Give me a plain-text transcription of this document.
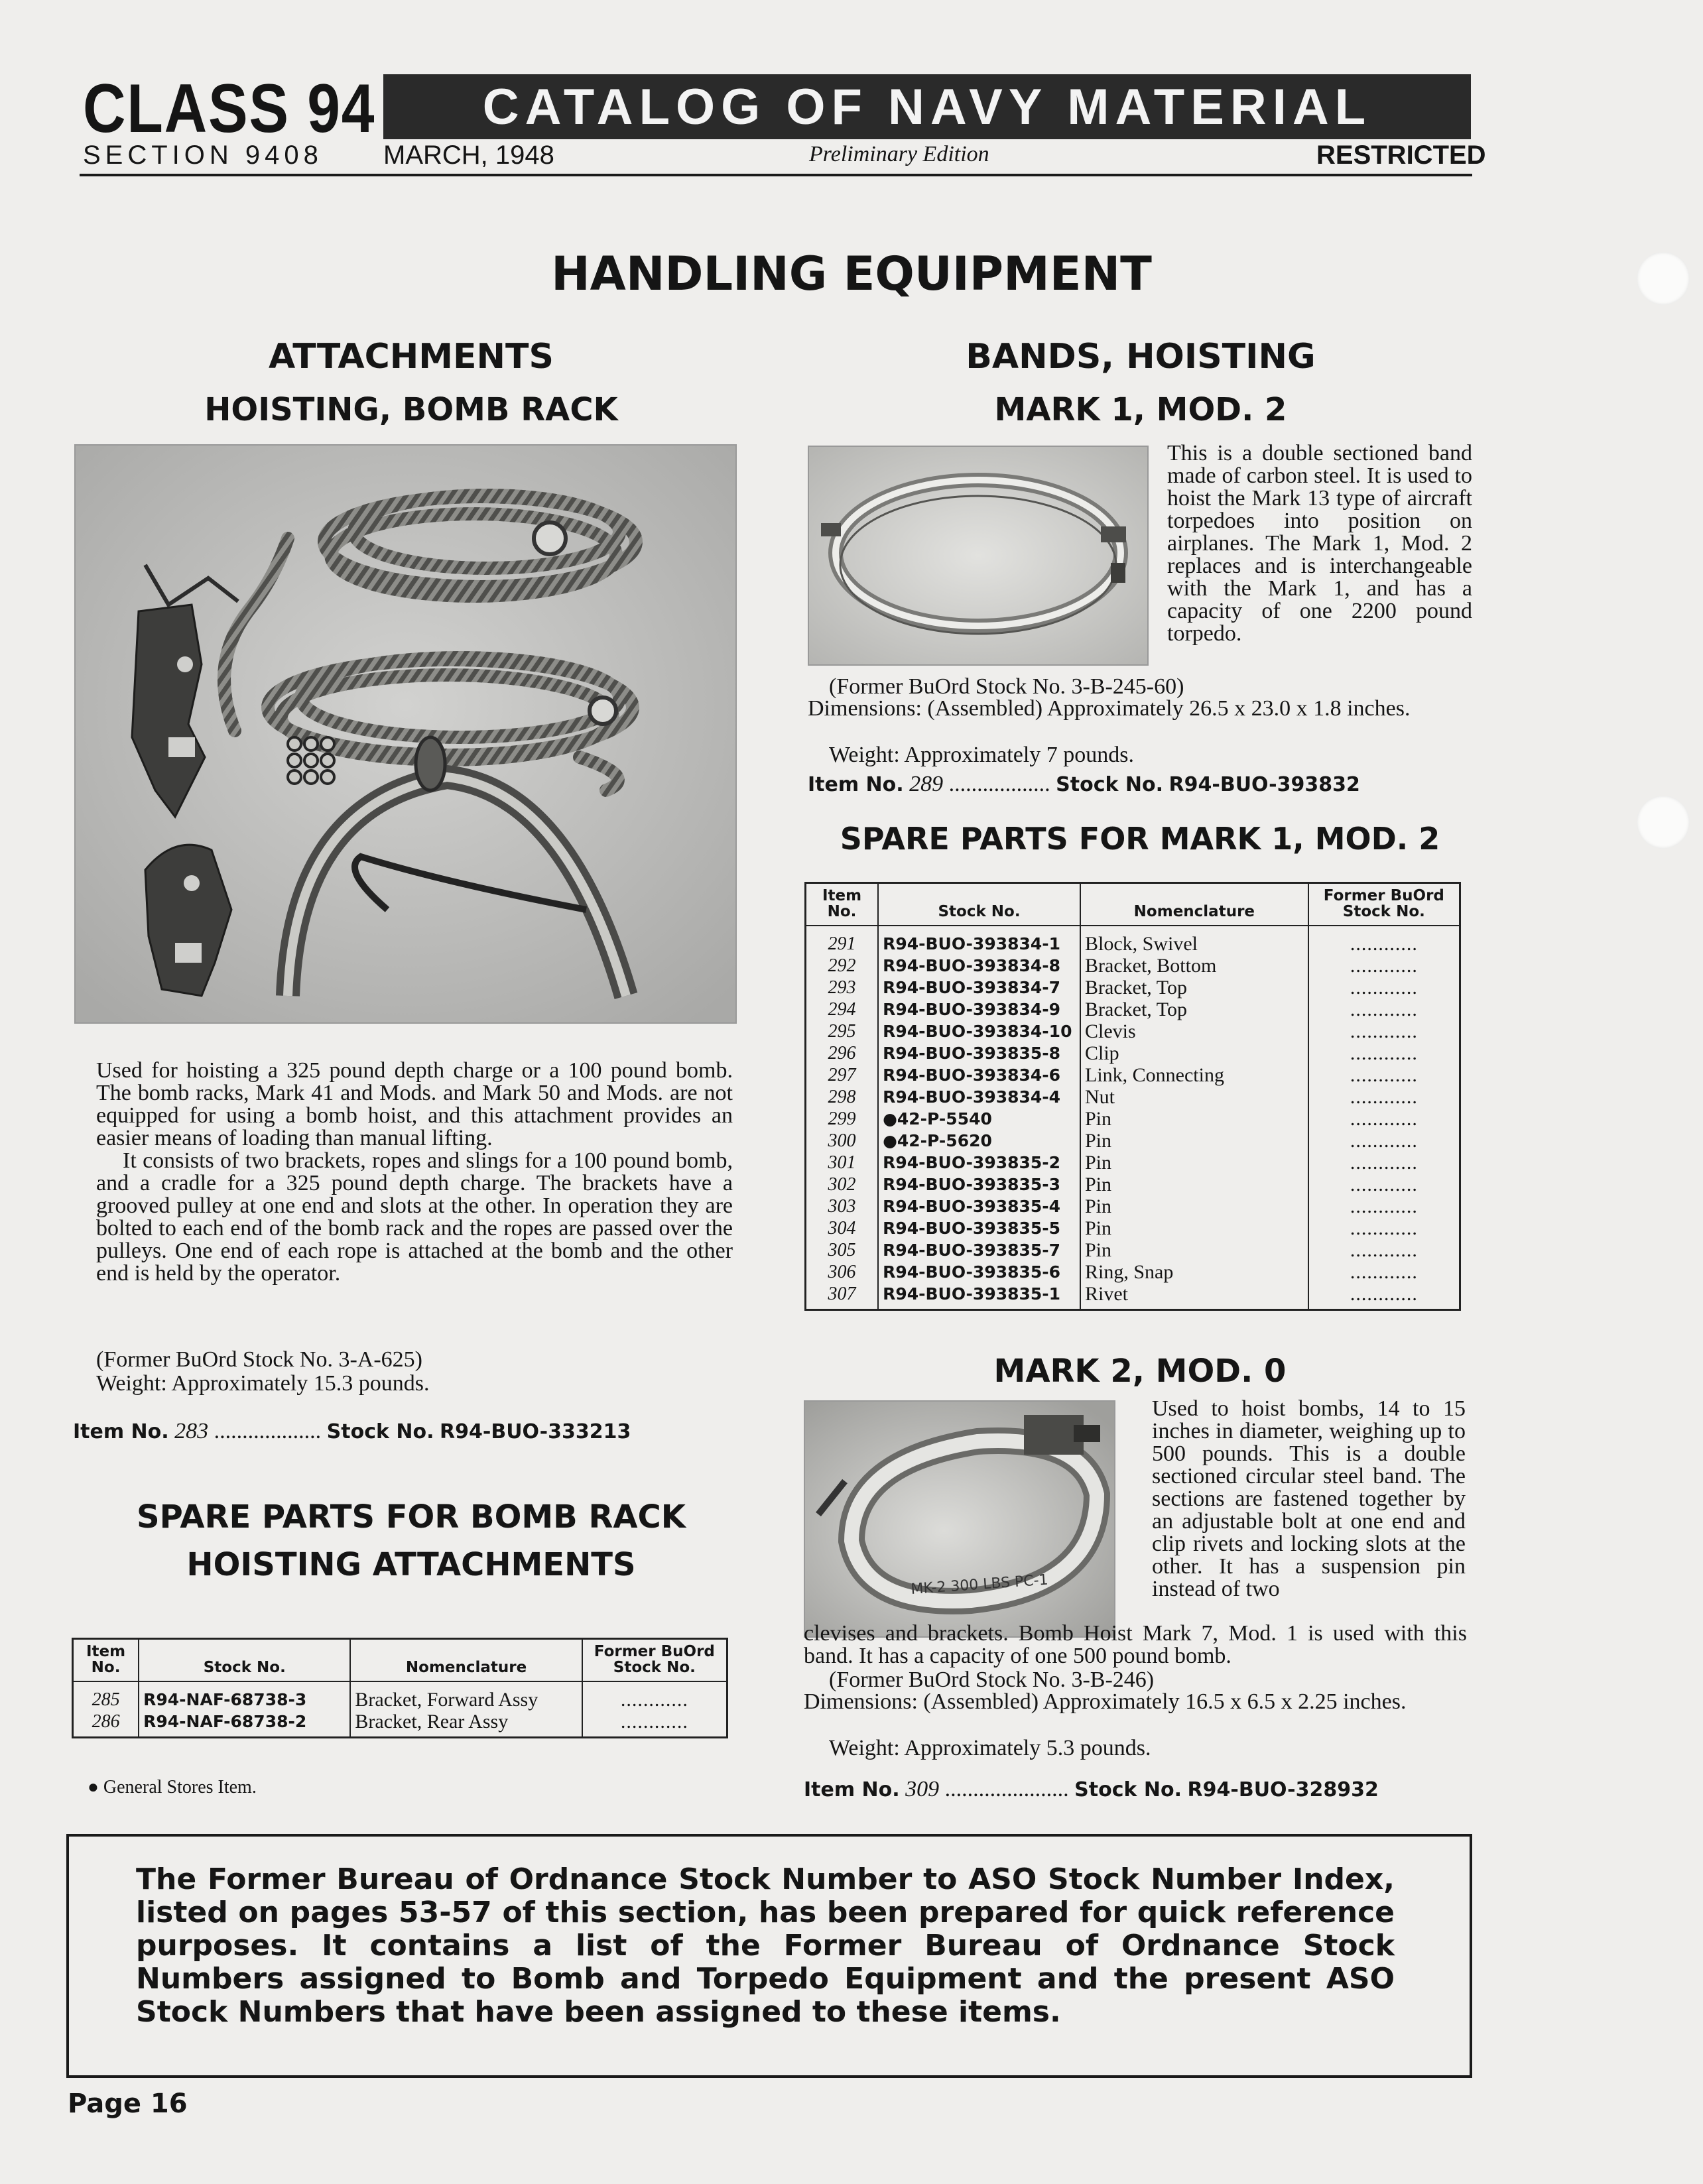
CLASS 94 CATALOG OF NAVY MATERIAL
SECTION 9408 MARCH, 1948	Preliminary Edition	RESTRICTED
HANDLING EQUIPMENT
ATTACHMENTS
HOISTING, BOMB RACK
BANDS, HOISTING
MARK 1, MOD. 2

Used for hoisting a 325 pound depth charge or a 100 pound bomb. The bomb racks, Mark 41 and Mods. and Mark 50 and Mods. are not equipped for using a bomb hoist, and this attachment provides an easier means of loading than manual lifting.

It consists of two brackets, ropes and slings for a 100 pound bomb, and a cradle for a 325 pound depth charge. The brackets have a grooved pulley at one end and slots at the other. In operation they are bolted to each end of the bomb rack and the ropes are passed over the pulleys. One end of each rope is attached at the bomb and the other end is held by the operator.

(Former BuOrd Stock No. 3-A-625)
Weight: Approximately 15.3 pounds.
Item No. 283 ................... Stock No. R94-BUO-333213
SPARE PARTS FOR BOMB RACK
HOISTING ATTACHMENTS
Item No.	Stock No.	Nomenclature	Former BuOrd Stock No.
285	R94-NAF-68738-3	Bracket, Forward Assy	............
286	R94-NAF-68738-2	Bracket, Rear Assy	............
● General Stores Item.
This is a double sectioned band made of carbon steel. It is used to hoist the Mark 13 type of aircraft torpedoes into position on airplanes. The Mark 1, Mod. 2 replaces and is interchangeable with the Mark 1, and has a capacity of one 2200 pound torpedo.
(Former BuOrd Stock No. 3-B-245-60)
Dimensions: (Assembled) Approximately 26.5 x 23.0 x 1.8 inches.
Weight: Approximately 7 pounds.
Item No. 289 .................. Stock No. R94-BUO-393832
SPARE PARTS FOR MARK 1, MOD. 2
Item No.	Stock No.	Nomenclature	Former BuOrd Stock No.
291	R94-BUO-393834-1	Block, Swivel	............
292	R94-BUO-393834-8	Bracket, Bottom	............
293	R94-BUO-393834-7	Bracket, Top	............
294	R94-BUO-393834-9	Bracket, Top	............
295	R94-BUO-393834-10	Clevis	............
296	R94-BUO-393835-8	Clip	............
297	R94-BUO-393834-6	Link, Connecting	............
298	R94-BUO-393834-4	Nut	............
299	●42-P-5540	Pin	............
300	●42-P-5620	Pin	............
301	R94-BUO-393835-2	Pin	............
302	R94-BUO-393835-3	Pin	............
303	R94-BUO-393835-4	Pin	............
304	R94-BUO-393835-5	Pin	............
305	R94-BUO-393835-7	Pin	............
306	R94-BUO-393835-6	Ring, Snap	............
307	R94-BUO-393835-1	Rivet	............
MARK 2, MOD. 0
MK-2 300 LBS PC-1
Used to hoist bombs, 14 to 15 inches in diameter, weighing up to 500 pounds. This is a double sectioned circular steel band. The sections are fastened together by an adjustable bolt at one end and clip rivets and locking slots at the other. It has a suspension pin instead of two
clevises and brackets. Bomb Hoist Mark 7, Mod. 1 is used with this band. It has a capacity of one 500 pound bomb.
(Former BuOrd Stock No. 3-B-246)
Dimensions: (Assembled) Approximately 16.5 x 6.5 x 2.25 inches.
Weight: Approximately 5.3 pounds.
Item No. 309 ...................... Stock No. R94-BUO-328932
The Former Bureau of Ordnance Stock Number to ASO Stock Number Index, listed on pages 53-57 of this section, has been prepared for quick reference purposes. It contains a list of the Former Bureau of Ordnance Stock Numbers assigned to Bomb and Torpedo Equipment and the present ASO Stock Numbers that have been assigned to these items.
Page 16
